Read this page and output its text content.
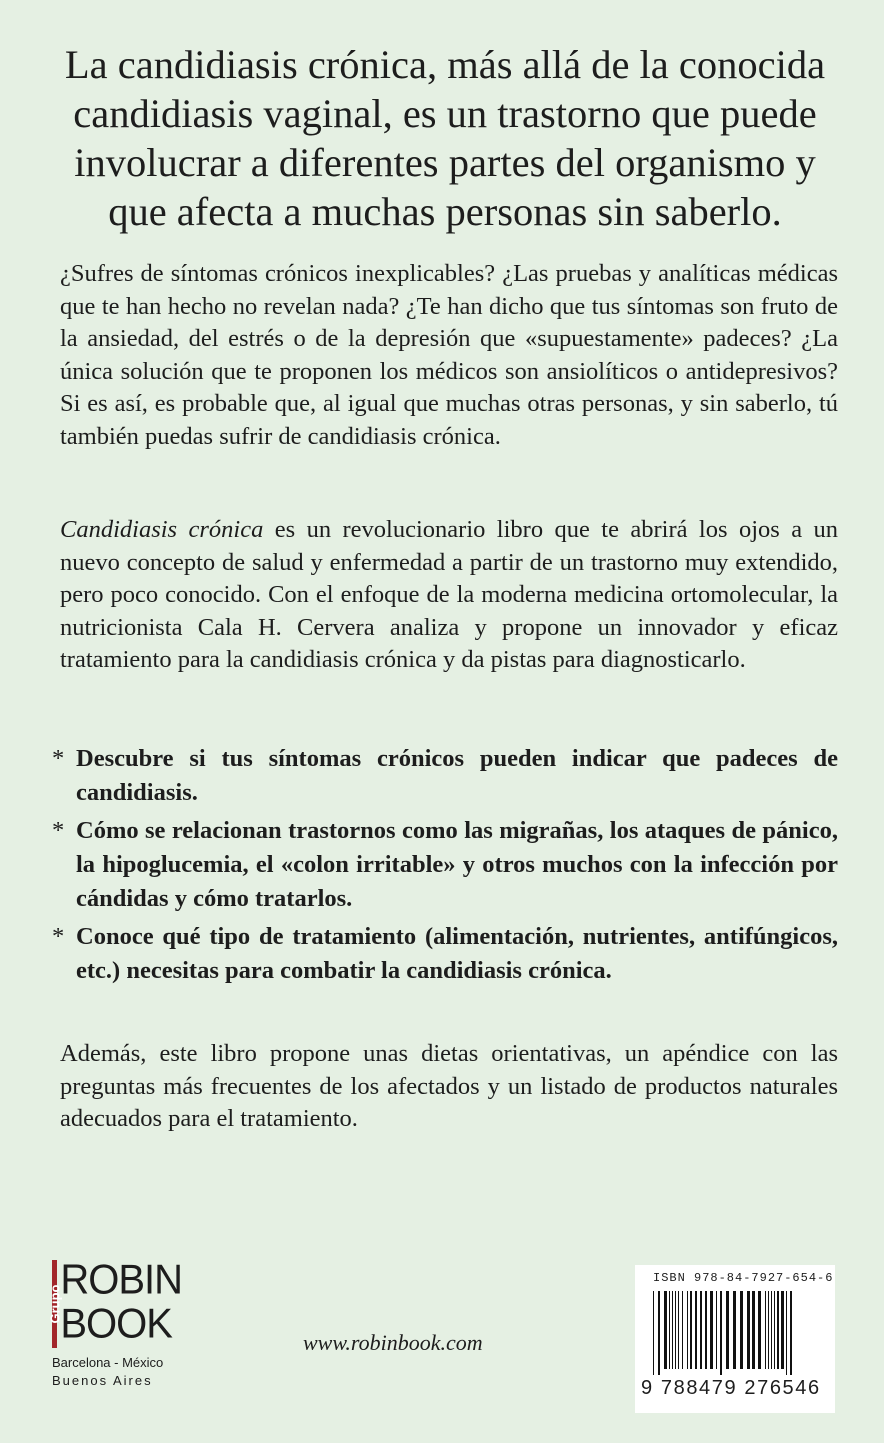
La candidiasis crónica, más allá de la conocida candidiasis vaginal, es un trastorno que puede involucrar a diferentes partes del organismo y que afecta a muchas personas sin saberlo.

¿Sufres de síntomas crónicos inexplicables? ¿Las pruebas y analíticas médicas que te han hecho no revelan nada? ¿Te han dicho que tus síntomas son fruto de la ansiedad, del estrés o de la depresión que «supuestamente» padeces? ¿La única solución que te proponen los médicos son ansiolíticos o antidepresivos? Si es así, es probable que, al igual que muchas otras personas, y sin saberlo, tú también puedas sufrir de candidiasis crónica.

Candidiasis crónica es un revolucionario libro que te abrirá los ojos a un nuevo concepto de salud y enfermedad a partir de un trastorno muy extendido, pero poco conocido. Con el enfoque de la moderna medicina ortomolecular, la nutricionista Cala H. Cervera analiza y propone un innovador y eficaz tratamiento para la candidiasis crónica y da pistas para diagnosticarlo.

* Descubre si tus síntomas crónicos pueden indicar que padeces de candidiasis.
* Cómo se relacionan trastornos como las migrañas, los ataques de pánico, la hipoglucemia, el «colon irritable» y otros muchos con la infección por cándidas y cómo tratarlos.
* Conoce qué tipo de tratamiento (alimentación, nutrientes, antifúngicos, etc.) necesitas para combatir la candidiasis crónica.

Además, este libro propone unas dietas orientativas, un apéndice con las preguntas más frecuentes de los afectados y un listado de productos naturales adecuados para el tratamiento.

Grupo
ROBIN
BOOK
Barcelona - México
Buenos Aires
www.robinbook.com
ISBN 978-84-7927-654-6
9 788479 276546
